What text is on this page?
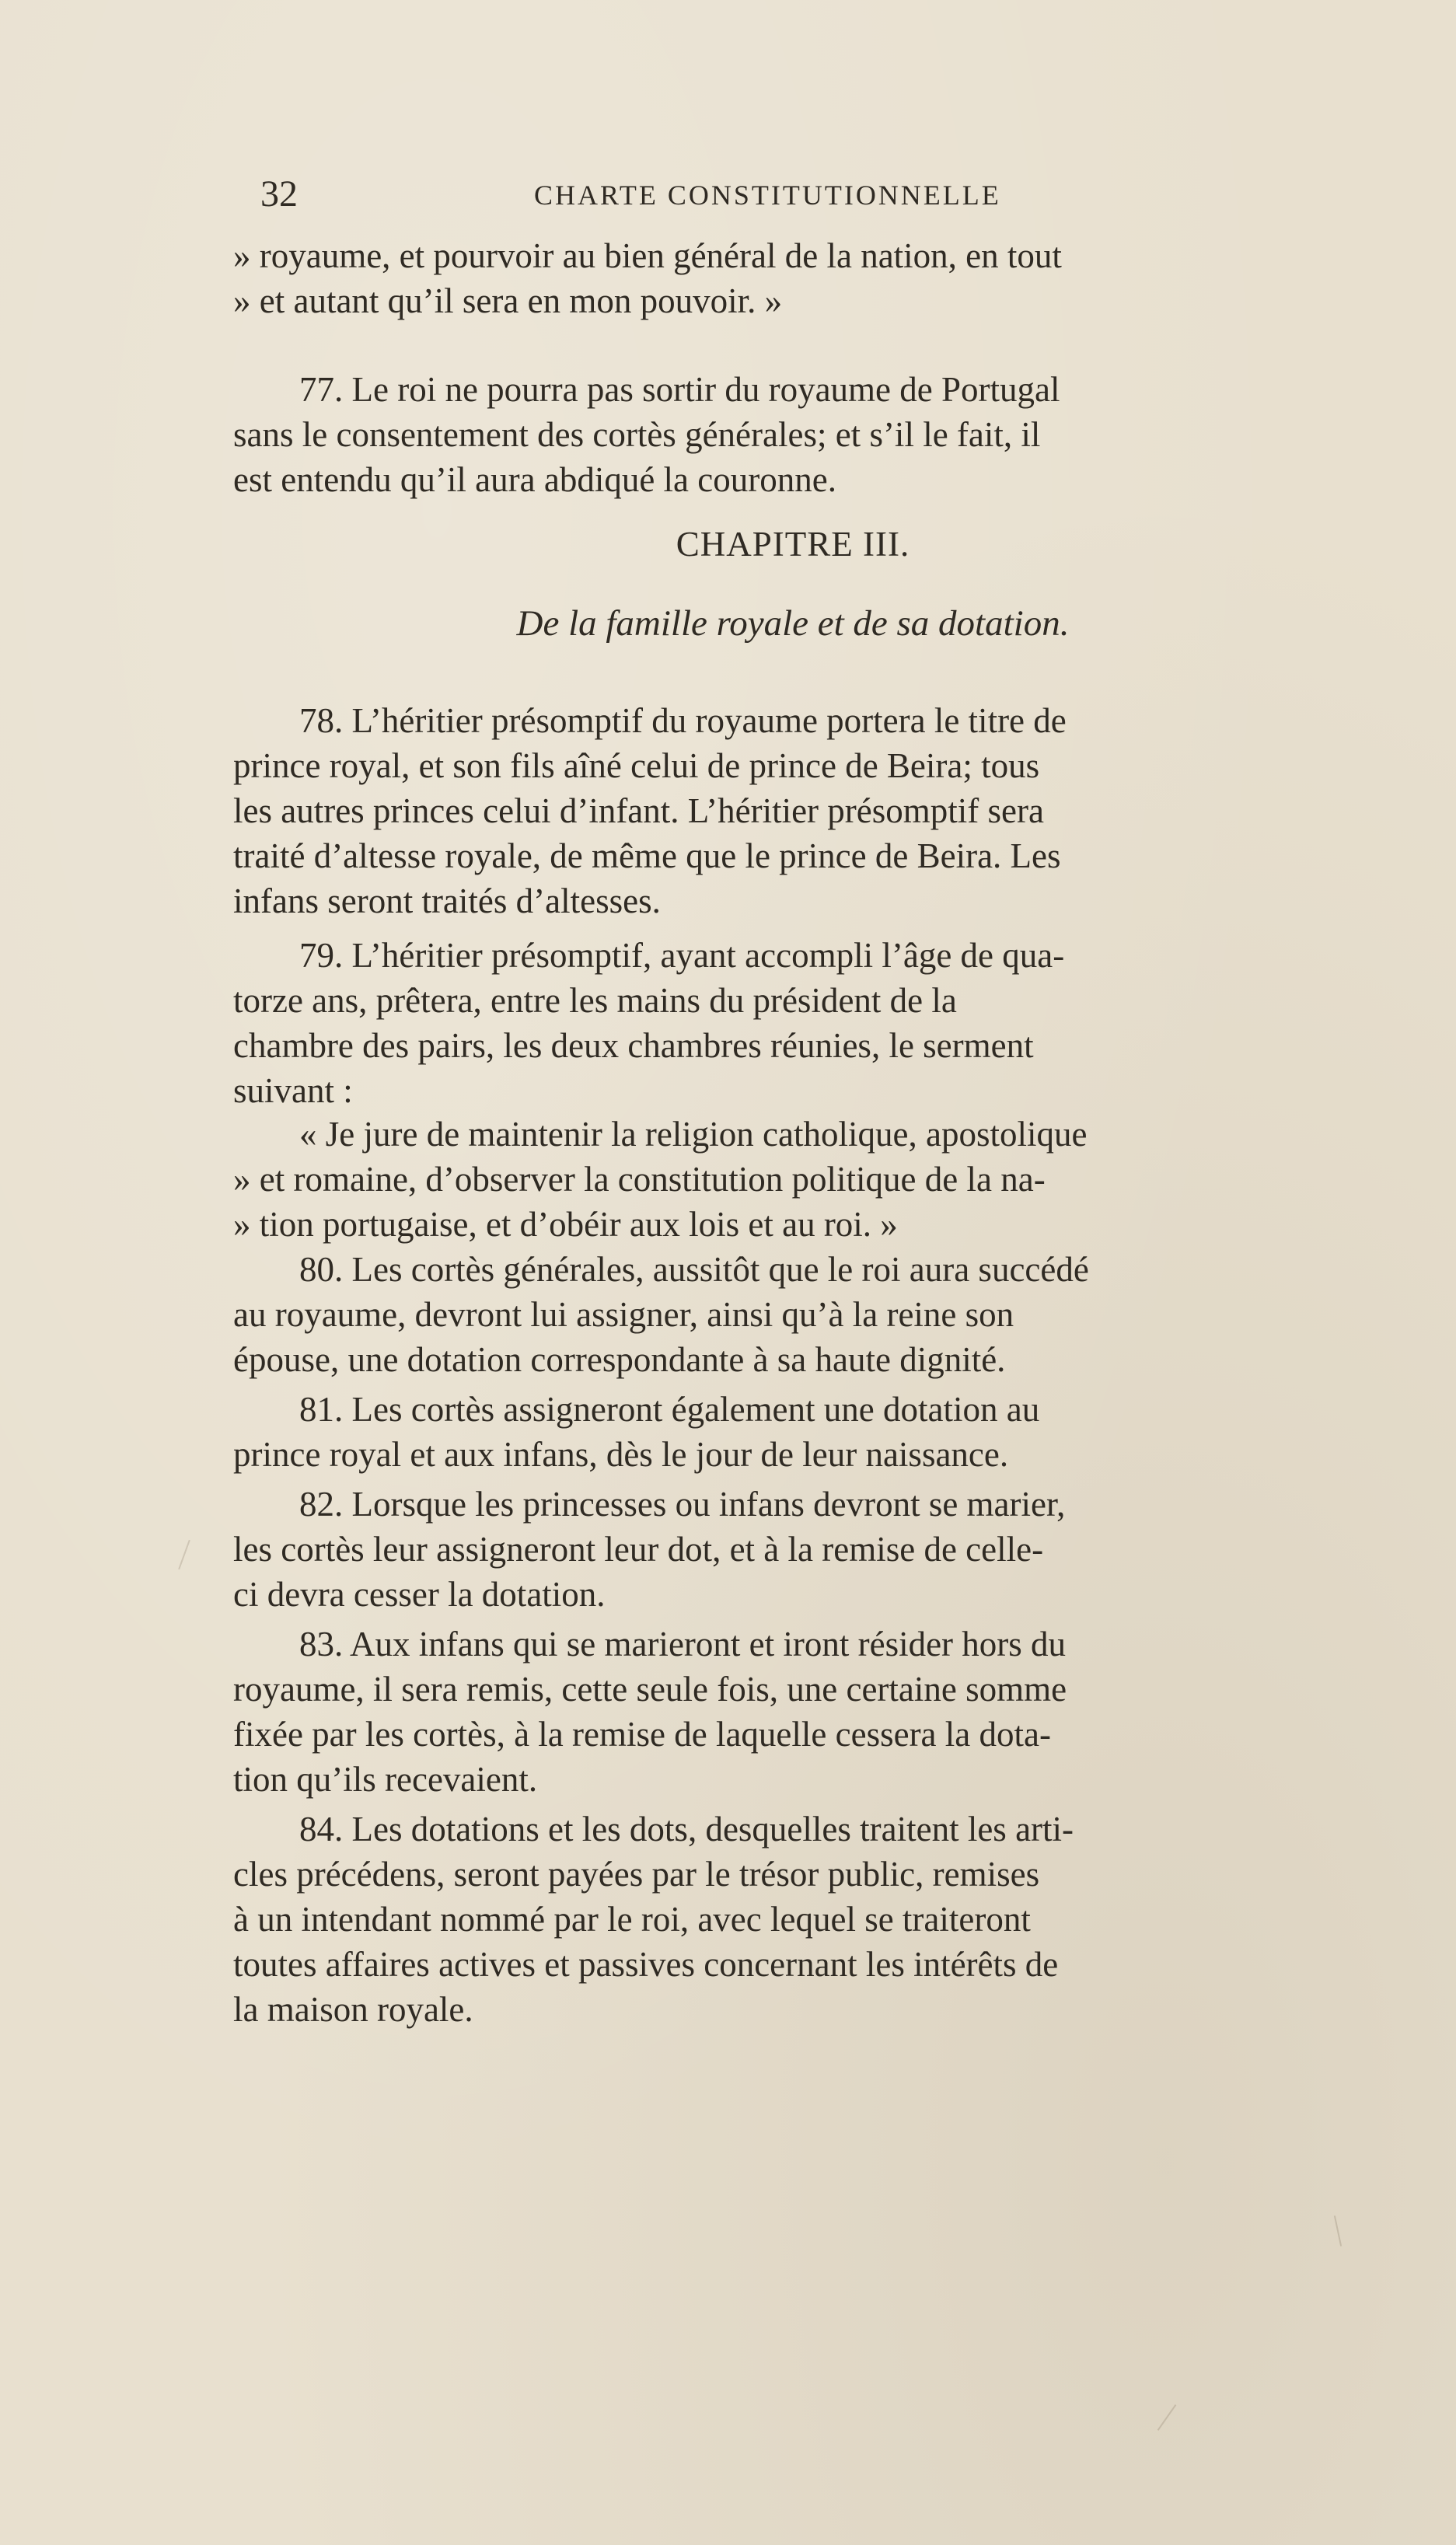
32	CHARTE CONSTITUTIONNELLE
» royaume, et pourvoir au bien général de la nation, en tout
» et autant qu’il sera en mon pouvoir. »
77. Le roi ne pourra pas sortir du royaume de Portugal
sans le consentement des cortès générales; et s’il le fait, il
est entendu qu’il aura abdiqué la couronne.
CHAPITRE III.
De la famille royale et de sa dotation.
78. L’héritier présomptif du royaume portera le titre de
prince royal, et son fils aîné celui de prince de Beira; tous
les autres princes celui d’infant. L’héritier présomptif sera
traité d’altesse royale, de même que le prince de Beira. Les
infans seront traités d’altesses.
79. L’héritier présomptif, ayant accompli l’âge de qua-
torze ans, prêtera, entre les mains du président de la
chambre des pairs, les deux chambres réunies, le serment
suivant :
« Je jure de maintenir la religion catholique, apostolique
» et romaine, d’observer la constitution politique de la na-
» tion portugaise, et d’obéir aux lois et au roi. »
80. Les cortès générales, aussitôt que le roi aura succédé
au royaume, devront lui assigner, ainsi qu’à la reine son
épouse, une dotation correspondante à sa haute dignité.
81. Les cortès assigneront également une dotation au
prince royal et aux infans, dès le jour de leur naissance.
82. Lorsque les princesses ou infans devront se marier,
les cortès leur assigneront leur dot, et à la remise de celle-
ci devra cesser la dotation.
83. Aux infans qui se marieront et iront résider hors du
royaume, il sera remis, cette seule fois, une certaine somme
fixée par les cortès, à la remise de laquelle cessera la dota-
tion qu’ils recevaient.
84. Les dotations et les dots, desquelles traitent les arti-
cles précédens, seront payées par le trésor public, remises
à un intendant nommé par le roi, avec lequel se traiteront
toutes affaires actives et passives concernant les intérêts de
la maison royale.
